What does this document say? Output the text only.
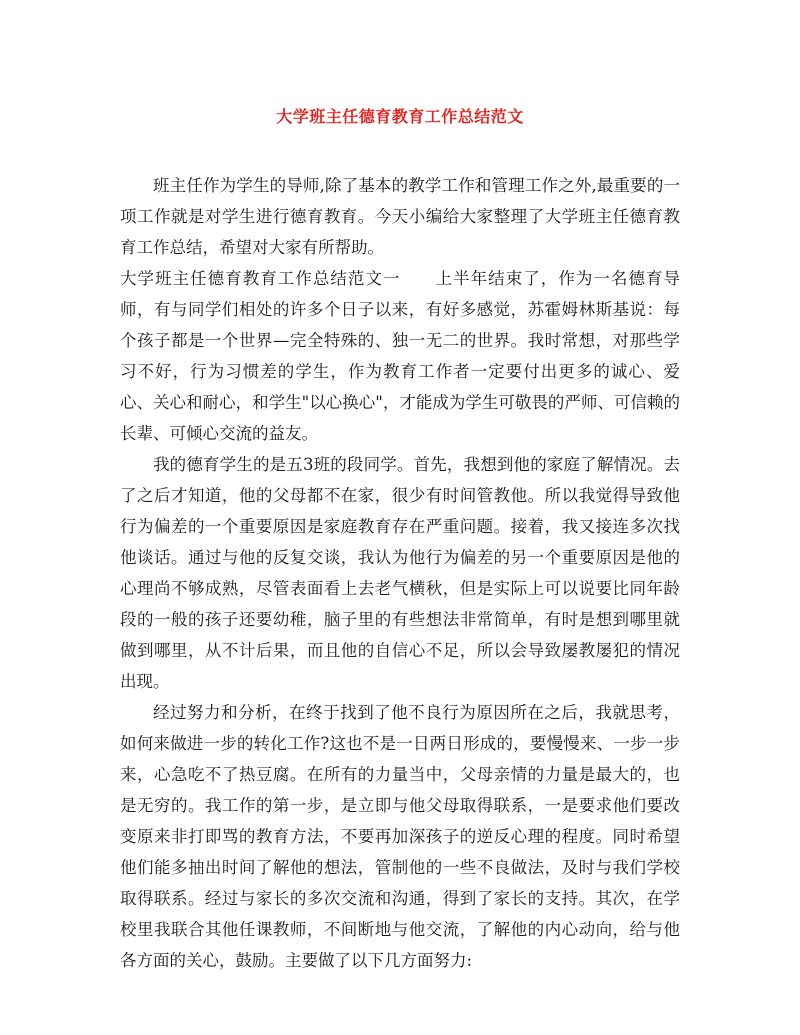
大学班主任德育教育工作总结范文

班主任作为学生的导师,除了基本的教学工作和管理工作之外,最重要的一项工作就是对学生进行德育教育。今天小编给大家整理了大学班主任德育教育工作总结，希望对大家有所帮助。

大学班主任德育教育工作总结范文一 上半年结束了，作为一名德育导师，有与同学们相处的许多个日子以来，有好多感觉，苏霍姆林斯基说：每个孩子都是一个世界—完全特殊的、独一无二的世界。我时常想，对那些学习不好，行为习惯差的学生，作为教育工作者一定要付出更多的诚心、爱心、关心和耐心，和学生"以心换心"，才能成为学生可敬畏的严师、可信赖的长辈、可倾心交流的益友。

我的德育学生的是五3班的段同学。首先，我想到他的家庭了解情况。去了之后才知道，他的父母都不在家，很少有时间管教他。所以我觉得导致他行为偏差的一个重要原因是家庭教育存在严重问题。接着，我又接连多次找他谈话。通过与他的反复交谈，我认为他行为偏差的另一个重要原因是他的心理尚不够成熟，尽管表面看上去老气横秋，但是实际上可以说要比同年龄段的一般的孩子还要幼稚，脑子里的有些想法非常简单，有时是想到哪里就做到哪里，从不计后果，而且他的自信心不足，所以会导致屡教屡犯的情况出现。

经过努力和分析，在终于找到了他不良行为原因所在之后，我就思考，如何来做进一步的转化工作?这也不是一日两日形成的，要慢慢来、一步一步来，心急吃不了热豆腐。在所有的力量当中，父母亲情的力量是最大的，也是无穷的。我工作的第一步，是立即与他父母取得联系，一是要求他们要改变原来非打即骂的教育方法，不要再加深孩子的逆反心理的程度。同时希望他们能多抽出时间了解他的想法，管制他的一些不良做法，及时与我们学校取得联系。经过与家长的多次交流和沟通，得到了家长的支持。其次，在学校里我联合其他任课教师，不间断地与他交流，了解他的内心动向，给与他各方面的关心，鼓励。主要做了以下几方面努力:
